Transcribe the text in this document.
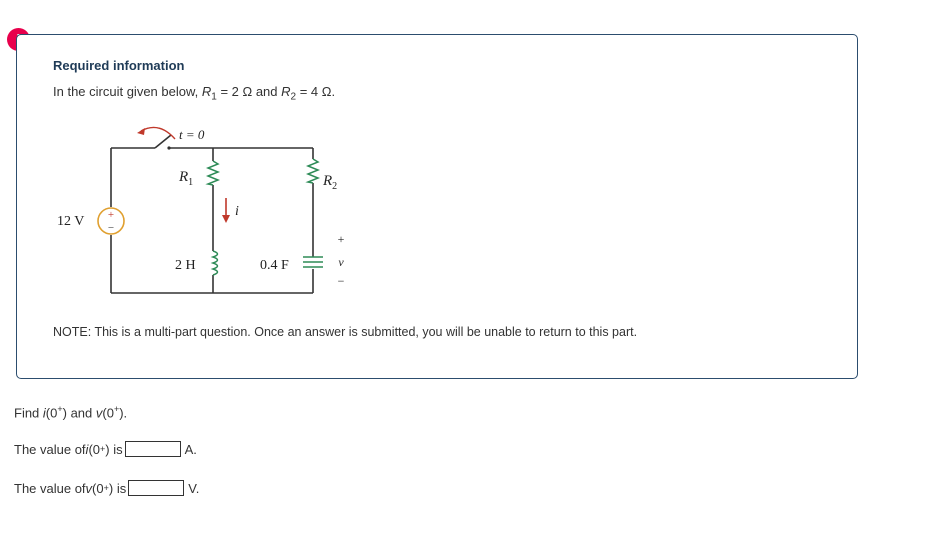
Required information
In the circuit given below, $R_1 = 2$ Ω and $R_2 = 4$ Ω.
t = 0
+
−
12 V
$R_1$
i
2 H
$R_2$
0.4 F
+
v
−
NOTE: This is a multi-part question. Once an answer is submitted, you will be unable to return to this part.
Find i(0+) and v(0+).
The value of i (0 + ) is	A.
The value of v (0 + ) is	V.
